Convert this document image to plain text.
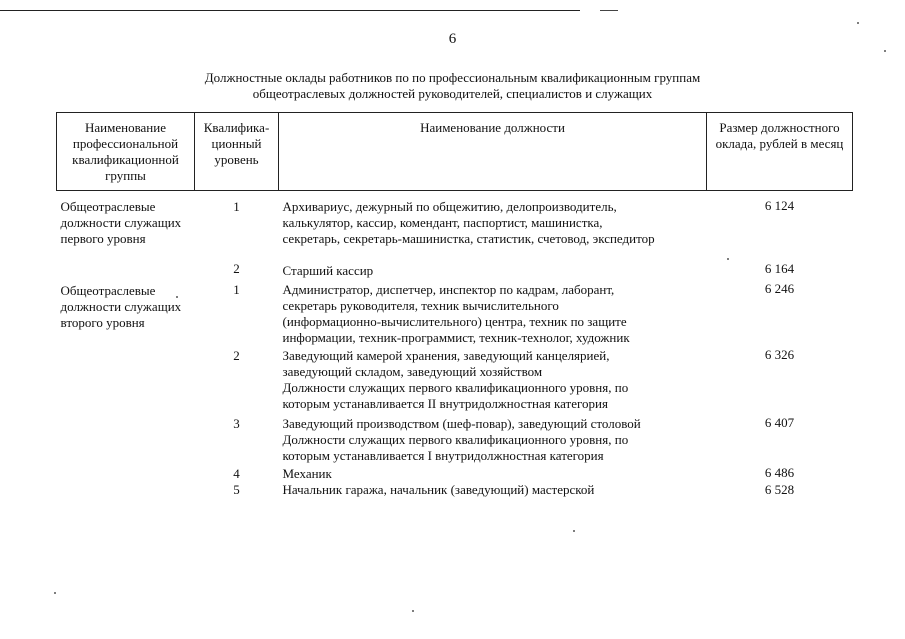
6
Должностные оклады работников по по профессиональным квалификационным группам
общеотраслевых должностей руководителей, специалистов и служащих
Наименование профессиональной квалификационной группы	Квалифика-ционный уровень	Наименование должности	Размер должностного оклада, рублей в месяц
Общеотраслевые должности служащих первого уровня	1	Архивариус, дежурный по общежитию, делопроизводитель,
калькулятор, кассир, комендант, паспортист, машинистка,
секретарь, секретарь-машинистка, статистик, счетовод, экспедитор	6 124
	2	Старший кассир	6 164
Общеотраслевые должности служащих второго уровня	1	Администратор, диспетчер, инспектор по кадрам, лаборант,
секретарь руководителя, техник вычислительного
(информационно-вычислительного) центра, техник по защите
информации, техник-программист, техник-технолог, художник	6 246
	2	Заведующий камерой хранения, заведующий канцелярией,
заведующий складом, заведующий хозяйством
Должности служащих первого квалификационного уровня, по
которым устанавливается II внутридолжностная категория	6 326
	3	Заведующий производством (шеф-повар), заведующий столовой
Должности служащих первого квалификационного уровня, по
которым устанавливается I внутридолжностная категория	6 407
	4	Механик	6 486
	5	Начальник гаража, начальник (заведующий) мастерской	6 528
